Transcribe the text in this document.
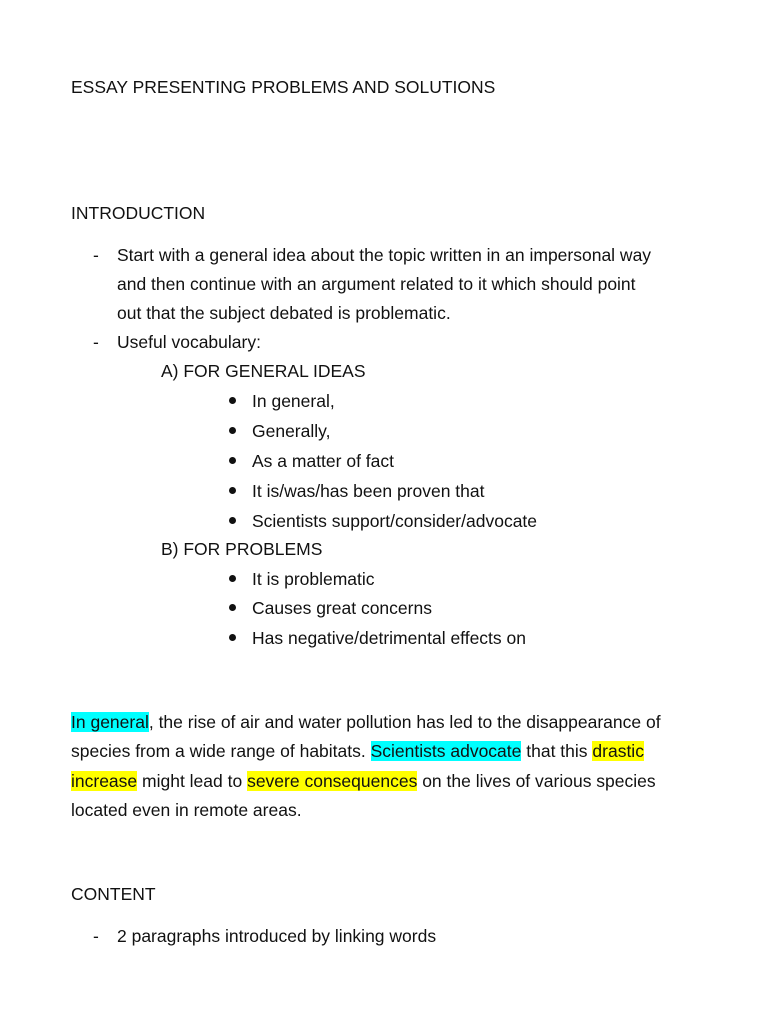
ESSAY PRESENTING PROBLEMS AND SOLUTIONS
INTRODUCTION
- Start with a general idea about the topic written in an impersonal way
and then continue with an argument related to it which should point
out that the subject debated is problematic.
- Useful vocabulary:
A) FOR GENERAL IDEAS
In general,
Generally,
As a matter of fact
It is/was/has been proven that
Scientists support/consider/advocate
B) FOR PROBLEMS
It is problematic
Causes great concerns
Has negative/detrimental effects on
In general, the rise of air and water pollution has led to the disappearance of
species from a wide range of habitats. Scientists advocate that this drastic
increase might lead to severe consequences on the lives of various species
located even in remote areas.
CONTENT
- 2 paragraphs introduced by linking words
